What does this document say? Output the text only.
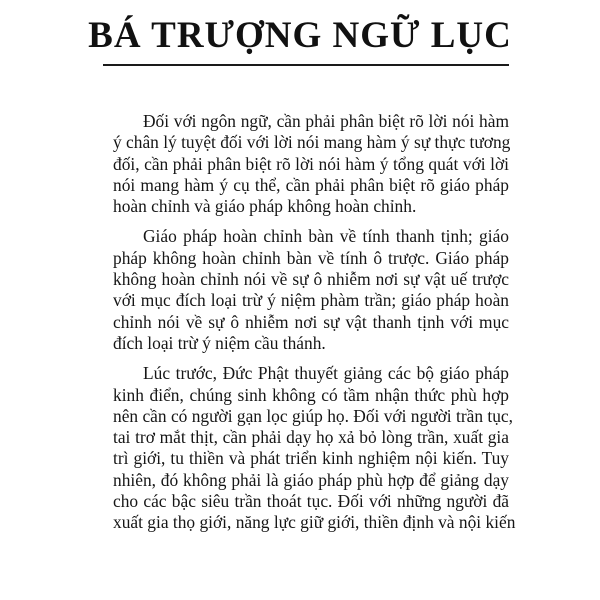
BÁ TRƯỢNG NGỮ LỤC

Đối với ngôn ngữ, cần phải phân biệt rõ lời nói hàm
ý chân lý tuyệt đối với lời nói mang hàm ý sự thực tương
đối, cần phải phân biệt rõ lời nói hàm ý tổng quát với lời
nói mang hàm ý cụ thể, cần phải phân biệt rõ giáo pháp
hoàn chỉnh và giáo pháp không hoàn chỉnh.

Giáo pháp hoàn chỉnh bàn về tính thanh tịnh; giáo
pháp không hoàn chỉnh bàn về tính ô trược. Giáo pháp
không hoàn chỉnh nói về sự ô nhiễm nơi sự vật uế trược
với mục đích loại trừ ý niệm phàm trần; giáo pháp hoàn
chỉnh nói về sự ô nhiễm nơi sự vật thanh tịnh với mục
đích loại trừ ý niệm cầu thánh.

Lúc trước, Đức Phật thuyết giảng các bộ giáo pháp
kinh điển, chúng sinh không có tầm nhận thức phù hợp
nên cần có người gạn lọc giúp họ. Đối với người trần tục,
tai trơ mắt thịt, cần phải dạy họ xả bỏ lòng trần, xuất gia
trì giới, tu thiền và phát triển kinh nghiệm nội kiến. Tuy
nhiên, đó không phải là giáo pháp phù hợp để giảng dạy
cho các bậc siêu trần thoát tục. Đối với những người đã
xuất gia thọ giới, năng lực giữ giới, thiền định và nội kiến
